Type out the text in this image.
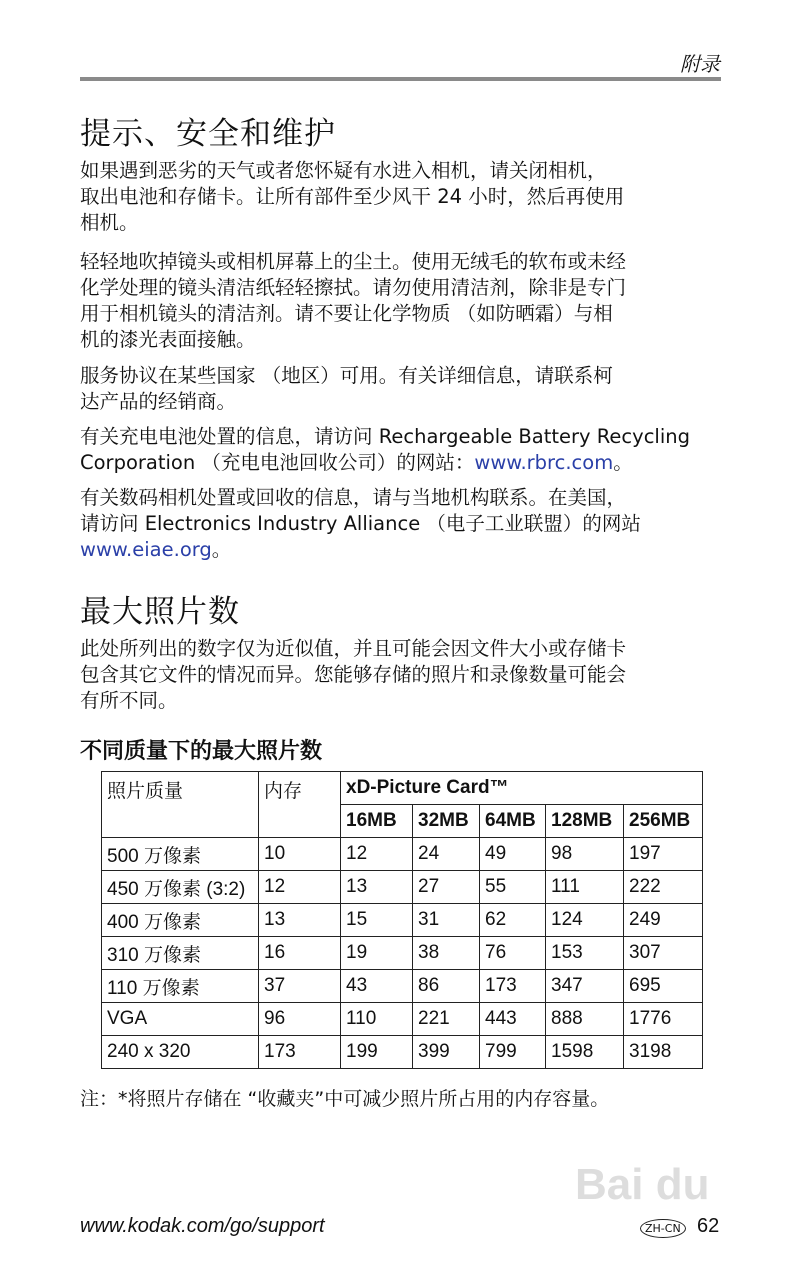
附录
Bai du
提示、安全和维护
如果遇到恶劣的天气或者您怀疑有水进入相机，请关闭相机，
取出电池和存储卡。让所有部件至少风干 24 小时，然后再使用
相机。
轻轻地吹掉镜头或相机屏幕上的尘土。使用无绒毛的软布或未经
化学处理的镜头清洁纸轻轻擦拭。请勿使用清洁剂，除非是专门
用于相机镜头的清洁剂。请不要让化学物质 （如防晒霜）与相
机的漆光表面接触。
服务协议在某些国家 （地区）可用。有关详细信息，请联系柯
达产品的经销商。
有关充电电池处置的信息，请访问 Rechargeable Battery Recycling
Corporation （充电电池回收公司）的网站：www.rbrc.com。
有关数码相机处置或回收的信息，请与当地机构联系。在美国，
请访问 Electronics Industry Alliance （电子工业联盟）的网站
www.eiae.org。
最大照片数
此处所列出的数字仅为近似值，并且可能会因文件大小或存储卡
包含其它文件的情况而异。您能够存储的照片和录像数量可能会
有所不同。
不同质量下的最大照片数
照片质量	内存	xD-Picture Card™				
		16MB	32MB	64MB	128MB	256MB
500 万像素	10	12	24	49	98	197
450 万像素 (3:2)	12	13	27	55	111	222
400 万像素	13	15	31	62	124	249
310 万像素	16	19	38	76	153	307
110 万像素	37	43	86	173	347	695
VGA	96	110	221	443	888	1776
240 x 320	173	199	399	799	1598	3198
注：*将照片存储在 “收藏夹”中可减少照片所占用的内存容量。
www.kodak.com/go/support	ZH-CN 62
